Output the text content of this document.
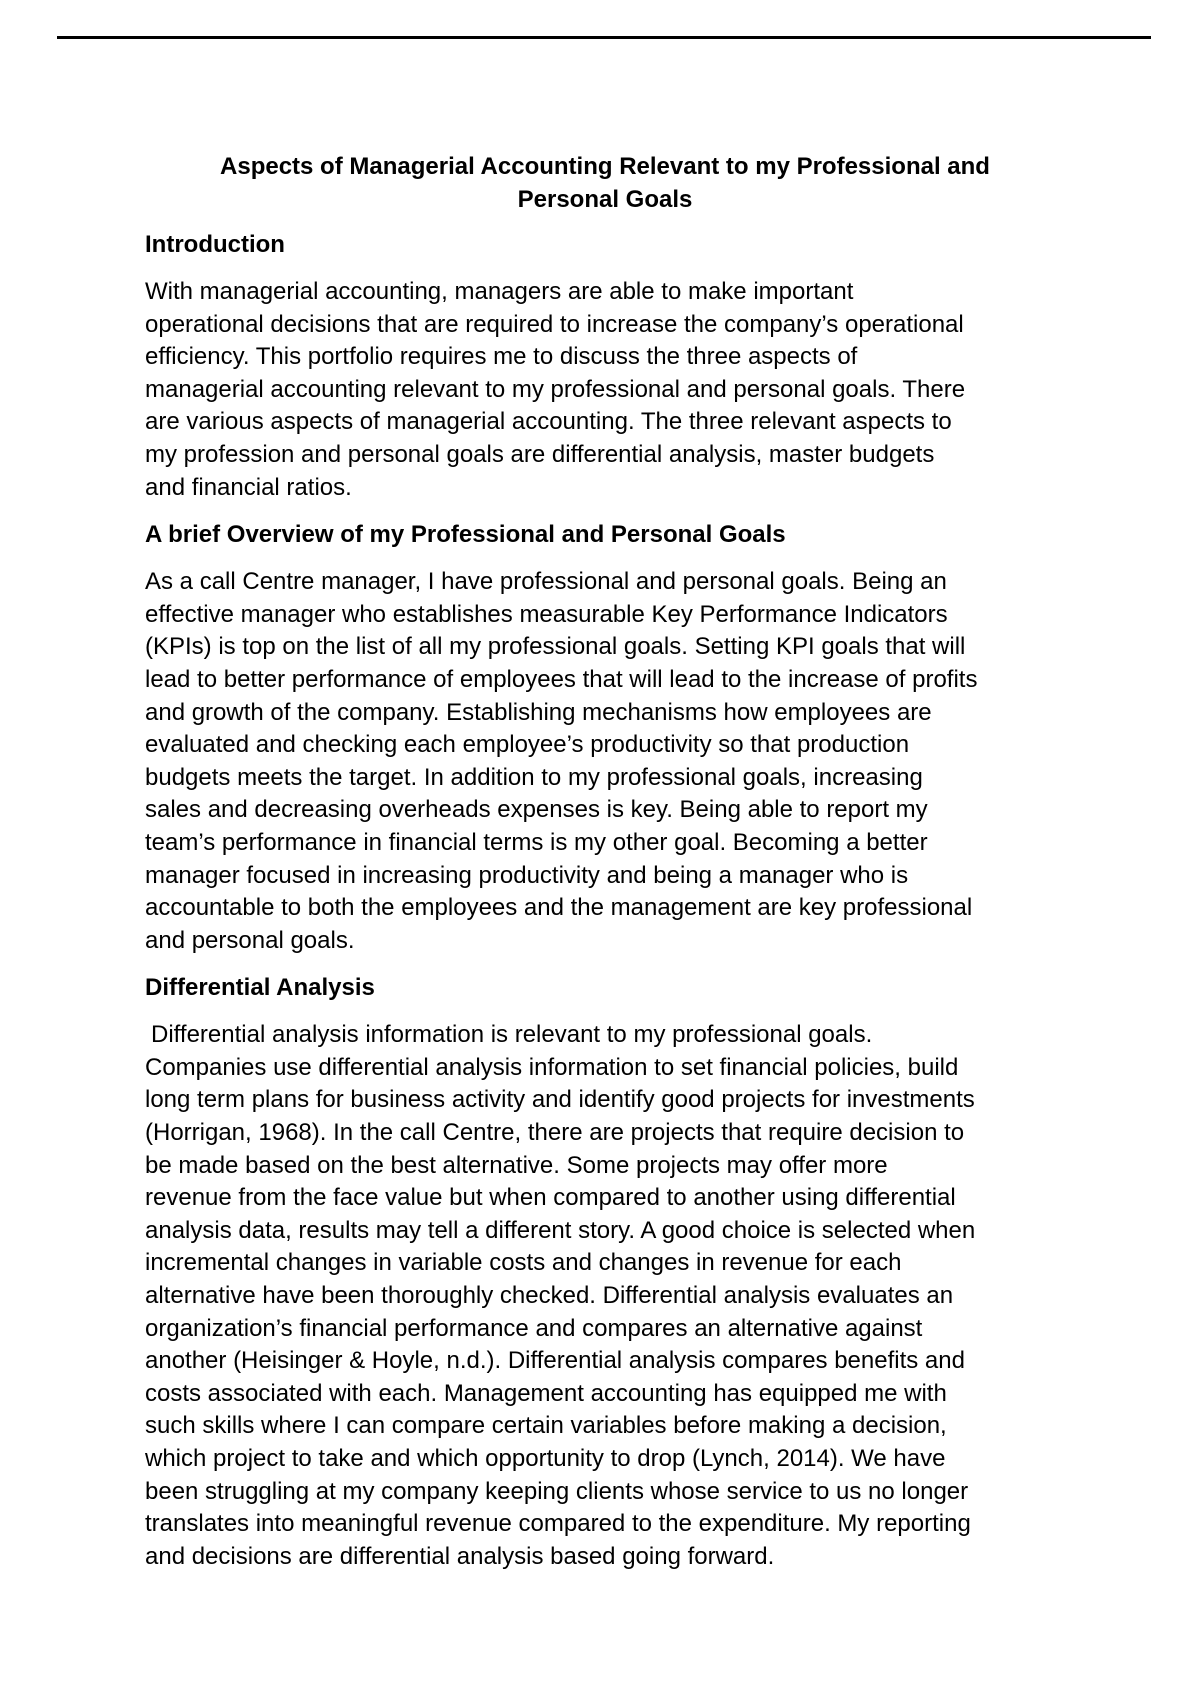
Aspects of Managerial Accounting Relevant to my Professional and
Personal Goals
Introduction

With managerial accounting, managers are able to make important
operational decisions that are required to increase the company’s operational
efficiency. This portfolio requires me to discuss the three aspects of
managerial accounting relevant to my professional and personal goals. There
are various aspects of managerial accounting. The three relevant aspects to
my profession and personal goals are differential analysis, master budgets
and financial ratios.

A brief Overview of my Professional and Personal Goals

As a call Centre manager, I have professional and personal goals. Being an
effective manager who establishes measurable Key Performance Indicators
(KPIs) is top on the list of all my professional goals. Setting KPI goals that will
lead to better performance of employees that will lead to the increase of profits
and growth of the company. Establishing mechanisms how employees are
evaluated and checking each employee’s productivity so that production
budgets meets the target. In addition to my professional goals, increasing
sales and decreasing overheads expenses is key. Being able to report my
team’s performance in financial terms is my other goal. Becoming a better
manager focused in increasing productivity and being a manager who is
accountable to both the employees and the management are key professional
and personal goals.

Differential Analysis

Differential analysis information is relevant to my professional goals.
Companies use differential analysis information to set financial policies, build
long term plans for business activity and identify good projects for investments
(Horrigan, 1968). In the call Centre, there are projects that require decision to
be made based on the best alternative. Some projects may offer more
revenue from the face value but when compared to another using differential
analysis data, results may tell a different story. A good choice is selected when
incremental changes in variable costs and changes in revenue for each
alternative have been thoroughly checked. Differential analysis evaluates an
organization’s financial performance and compares an alternative against
another (Heisinger & Hoyle, n.d.). Differential analysis compares benefits and
costs associated with each. Management accounting has equipped me with
such skills where I can compare certain variables before making a decision,
which project to take and which opportunity to drop (Lynch, 2014). We have
been struggling at my company keeping clients whose service to us no longer
translates into meaningful revenue compared to the expenditure. My reporting
and decisions are differential analysis based going forward.
